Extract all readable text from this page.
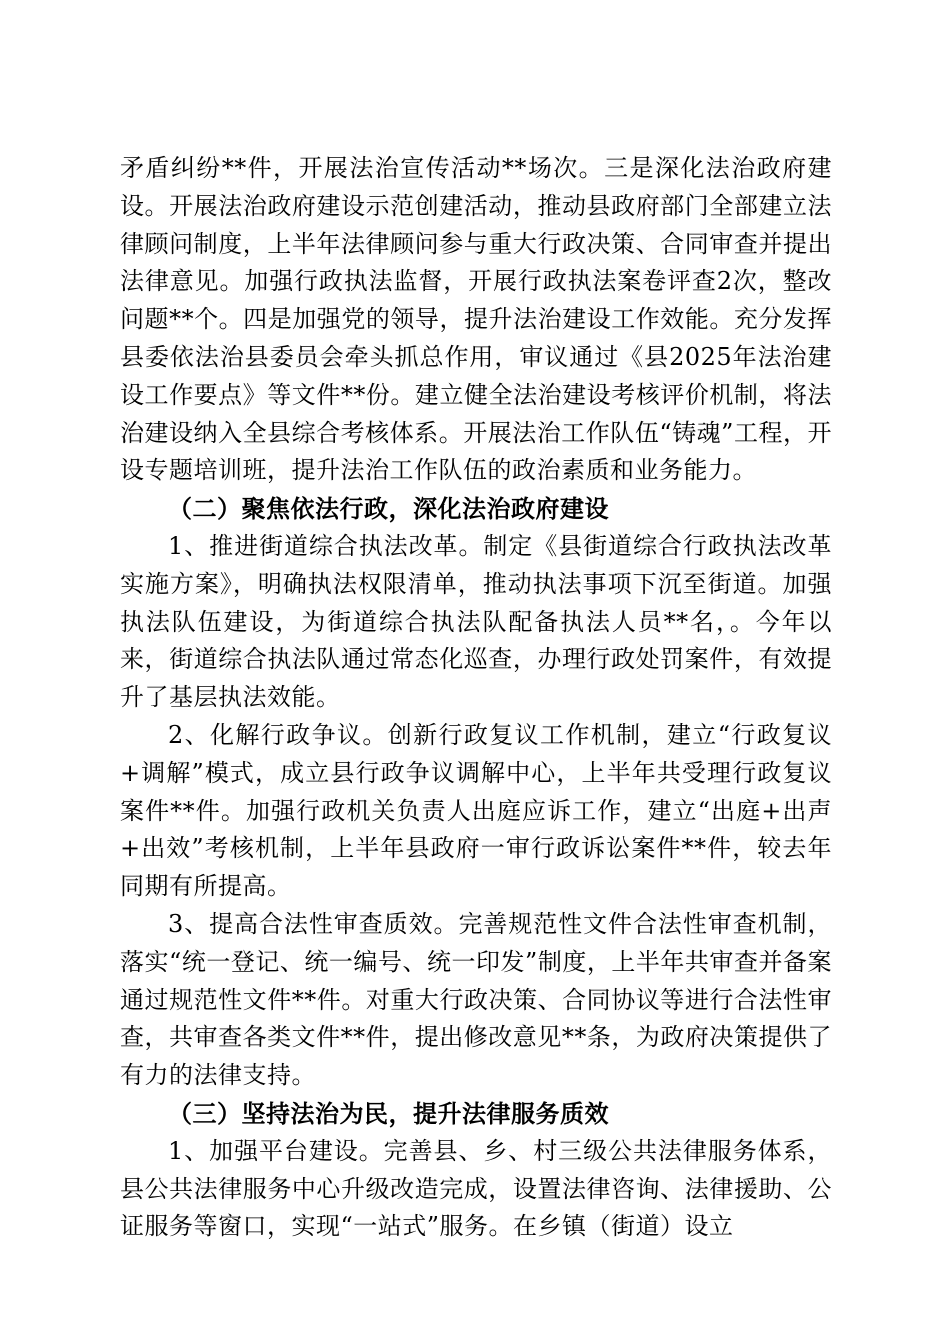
矛盾纠纷**件，开展法治宣传活动**场次。三是深化法治政府建设。开展法治政府建设示范创建活动，推动县政府部门全部建立法律顾问制度，上半年法律顾问参与重大行政决策、合同审查并提出法律意见。加强行政执法监督，开展行政执法案卷评查2次，整改问题**个。四是加强党的领导，提升法治建设工作效能。充分发挥县委依法治县委员会牵头抓总作用，审议通过《县2025年法治建设工作要点》等文件**份。建立健全法治建设考核评价机制，将法治建设纳入全县综合考核体系。开展法治工作队伍“铸魂”工程，开设专题培训班，提升法治工作队伍的政治素质和业务能力。

（二）聚焦依法行政，深化法治政府建设

1、推进街道综合执法改革。制定《县街道综合行政执法改革实施方案》，明确执法权限清单，推动执法事项下沉至街道。加强执法队伍建设，为街道综合执法队配备执法人员**名，。今年以来，街道综合执法队通过常态化巡查，办理行政处罚案件，有效提升了基层执法效能。

2、化解行政争议。创新行政复议工作机制，建立“行政复议+调解”模式，成立县行政争议调解中心，上半年共受理行政复议案件**件。加强行政机关负责人出庭应诉工作，建立“出庭+出声+出效”考核机制，上半年县政府一审行政诉讼案件**件，较去年同期有所提高。

3、提高合法性审查质效。完善规范性文件合法性审查机制，落实“统一登记、统一编号、统一印发”制度，上半年共审查并备案通过规范性文件**件。对重大行政决策、合同协议等进行合法性审查，共审查各类文件**件，提出修改意见**条，为政府决策提供了有力的法律支持。

（三）坚持法治为民，提升法律服务质效

1、加强平台建设。完善县、乡、村三级公共法律服务体系，县公共法律服务中心升级改造完成，设置法律咨询、法律援助、公证服务等窗口，实现“一站式”服务。在乡镇（街道）设立
